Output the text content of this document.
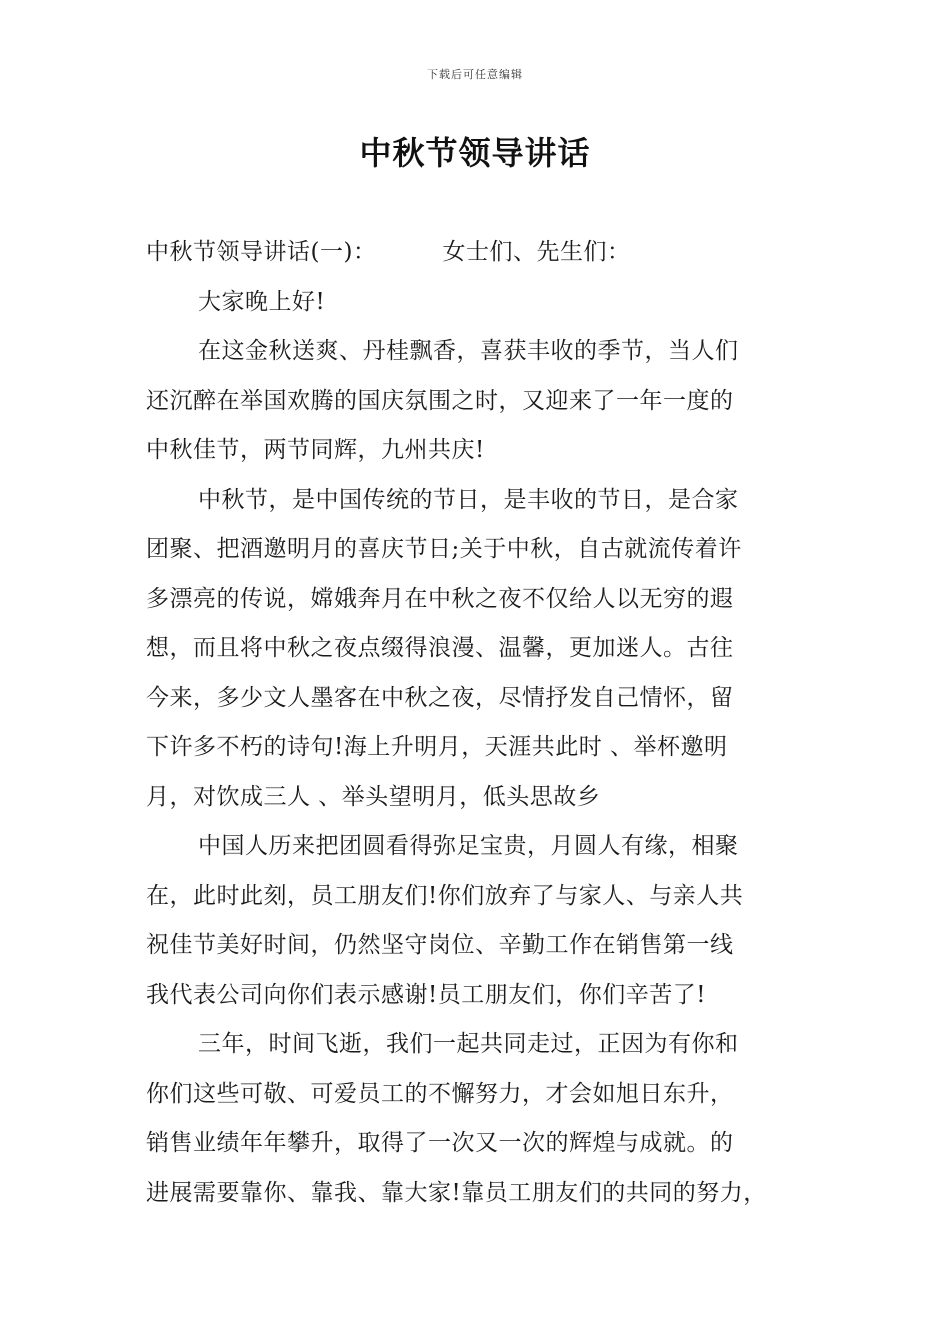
下载后可任意编辑
中秋节领导讲话
中秋节领导讲话(一)：	女士们、先生们：
大家晚上好!
在这金秋送爽、丹桂飘香，喜获丰收的季节，当人们
还沉醉在举国欢腾的国庆氛围之时，又迎来了一年一度的
中秋佳节，两节同辉，九州共庆!
中秋节，是中国传统的节日，是丰收的节日，是合家
团聚、把酒邀明月的喜庆节日;关于中秋，自古就流传着许
多漂亮的传说，嫦娥奔月在中秋之夜不仅给人以无穷的遐
想，而且将中秋之夜点缀得浪漫、温馨，更加迷人。古往
今来，多少文人墨客在中秋之夜，尽情抒发自己情怀，留
下许多不朽的诗句!海上升明月，天涯共此时 、举杯邀明
月，对饮成三人 、举头望明月，低头思故乡
中国人历来把团圆看得弥足宝贵，月圆人有缘，相聚
在，此时此刻，员工朋友们!你们放弃了与家人、与亲人共
祝佳节美好时间，仍然坚守岗位、辛勤工作在销售第一线
我代表公司向你们表示感谢!员工朋友们，你们辛苦了!
三年，时间飞逝，我们一起共同走过，正因为有你和
你们这些可敬、可爱员工的不懈努力，才会如旭日东升，
销售业绩年年攀升，取得了一次又一次的辉煌与成就。的
进展需要靠你、靠我、靠大家!靠员工朋友们的共同的努力，
